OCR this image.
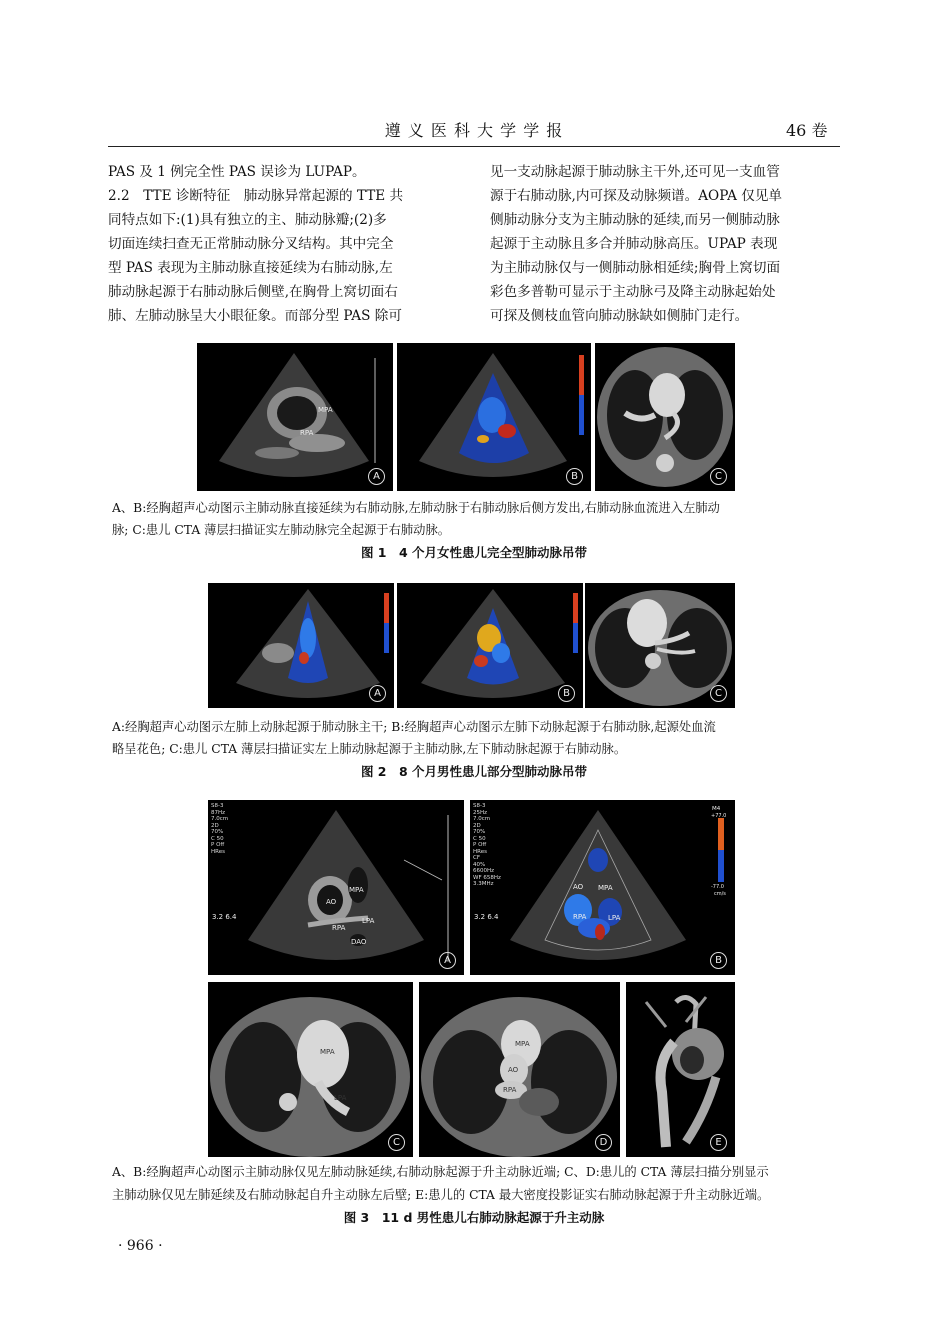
遵 义 医 科 大 学 学 报	46 卷
PAS 及 1 例完全性 PAS 误诊为 LUPAP。
2.2　TTE 诊断特征　肺动脉异常起源的 TTE 共
同特点如下:(1)具有独立的主、肺动脉瓣;(2)多
切面连续扫查无正常肺动脉分叉结构。其中完全
型 PAS 表现为主肺动脉直接延续为右肺动脉,左
肺动脉起源于右肺动脉后侧壁,在胸骨上窝切面右
肺、左肺动脉呈大小眼征象。而部分型 PAS 除可
见一支动脉起源于肺动脉主干外,还可见一支血管
源于右肺动脉,内可探及动脉频谱。AOPA 仅见单
侧肺动脉分支为主肺动脉的延续,而另一侧肺动脉
起源于主动脉且多合并肺动脉高压。UPAP 表现
为主肺动脉仅与一侧肺动脉相延续;胸骨上窝切面
彩色多普勒可显示于主动脉弓及降主动脉起始处
可探及侧枝血管向肺动脉缺如侧肺门走行。
MPA
RPA
A	B	C
A、B:经胸超声心动图示主肺动脉直接延续为右肺动脉,左肺动脉于右肺动脉后侧方发出,右肺动脉血流进入左肺动
脉; C:患儿 CTA 薄层扫描证实左肺动脉完全起源于右肺动脉。
图 1　4 个月女性患儿完全型肺动脉吊带
A	B	C
A:经胸超声心动图示左肺上动脉起源于肺动脉主干; B:经胸超声心动图示左肺下动脉起源于右肺动脉,起源处血流
略呈花色; C:患儿 CTA 薄层扫描证实左上肺动脉起源于主肺动脉,左下肺动脉起源于右肺动脉。
图 2　8 个月男性患儿部分型肺动脉吊带
S8-3
87Hz
7.0cm
2D
70%
C 50
P Off
HRes
3.2 6.4
MPA
AO
LPA
RPA
DAO
A
S8-3
25Hz
7.0cm
2D
70%
C 50
P Off
HRes
CF
40%
6600Hz
WF 658Hz
3.3MHz
3.2 6.4
M4
+77.0
-77.0
cm/s
AO MPA
RPA	LPA
B
MPA
LPA
C
MPA
AO
RPA
D	E
A、B:经胸超声心动图示主肺动脉仅见左肺动脉延续,右肺动脉起源于升主动脉近端; C、D:患儿的 CTA 薄层扫描分别显示
主肺动脉仅见左肺延续及右肺动脉起自升主动脉左后壁; E:患儿的 CTA 最大密度投影证实右肺动脉起源于升主动脉近端。
图 3　11 d 男性患儿右肺动脉起源于升主动脉
· 966 ·
